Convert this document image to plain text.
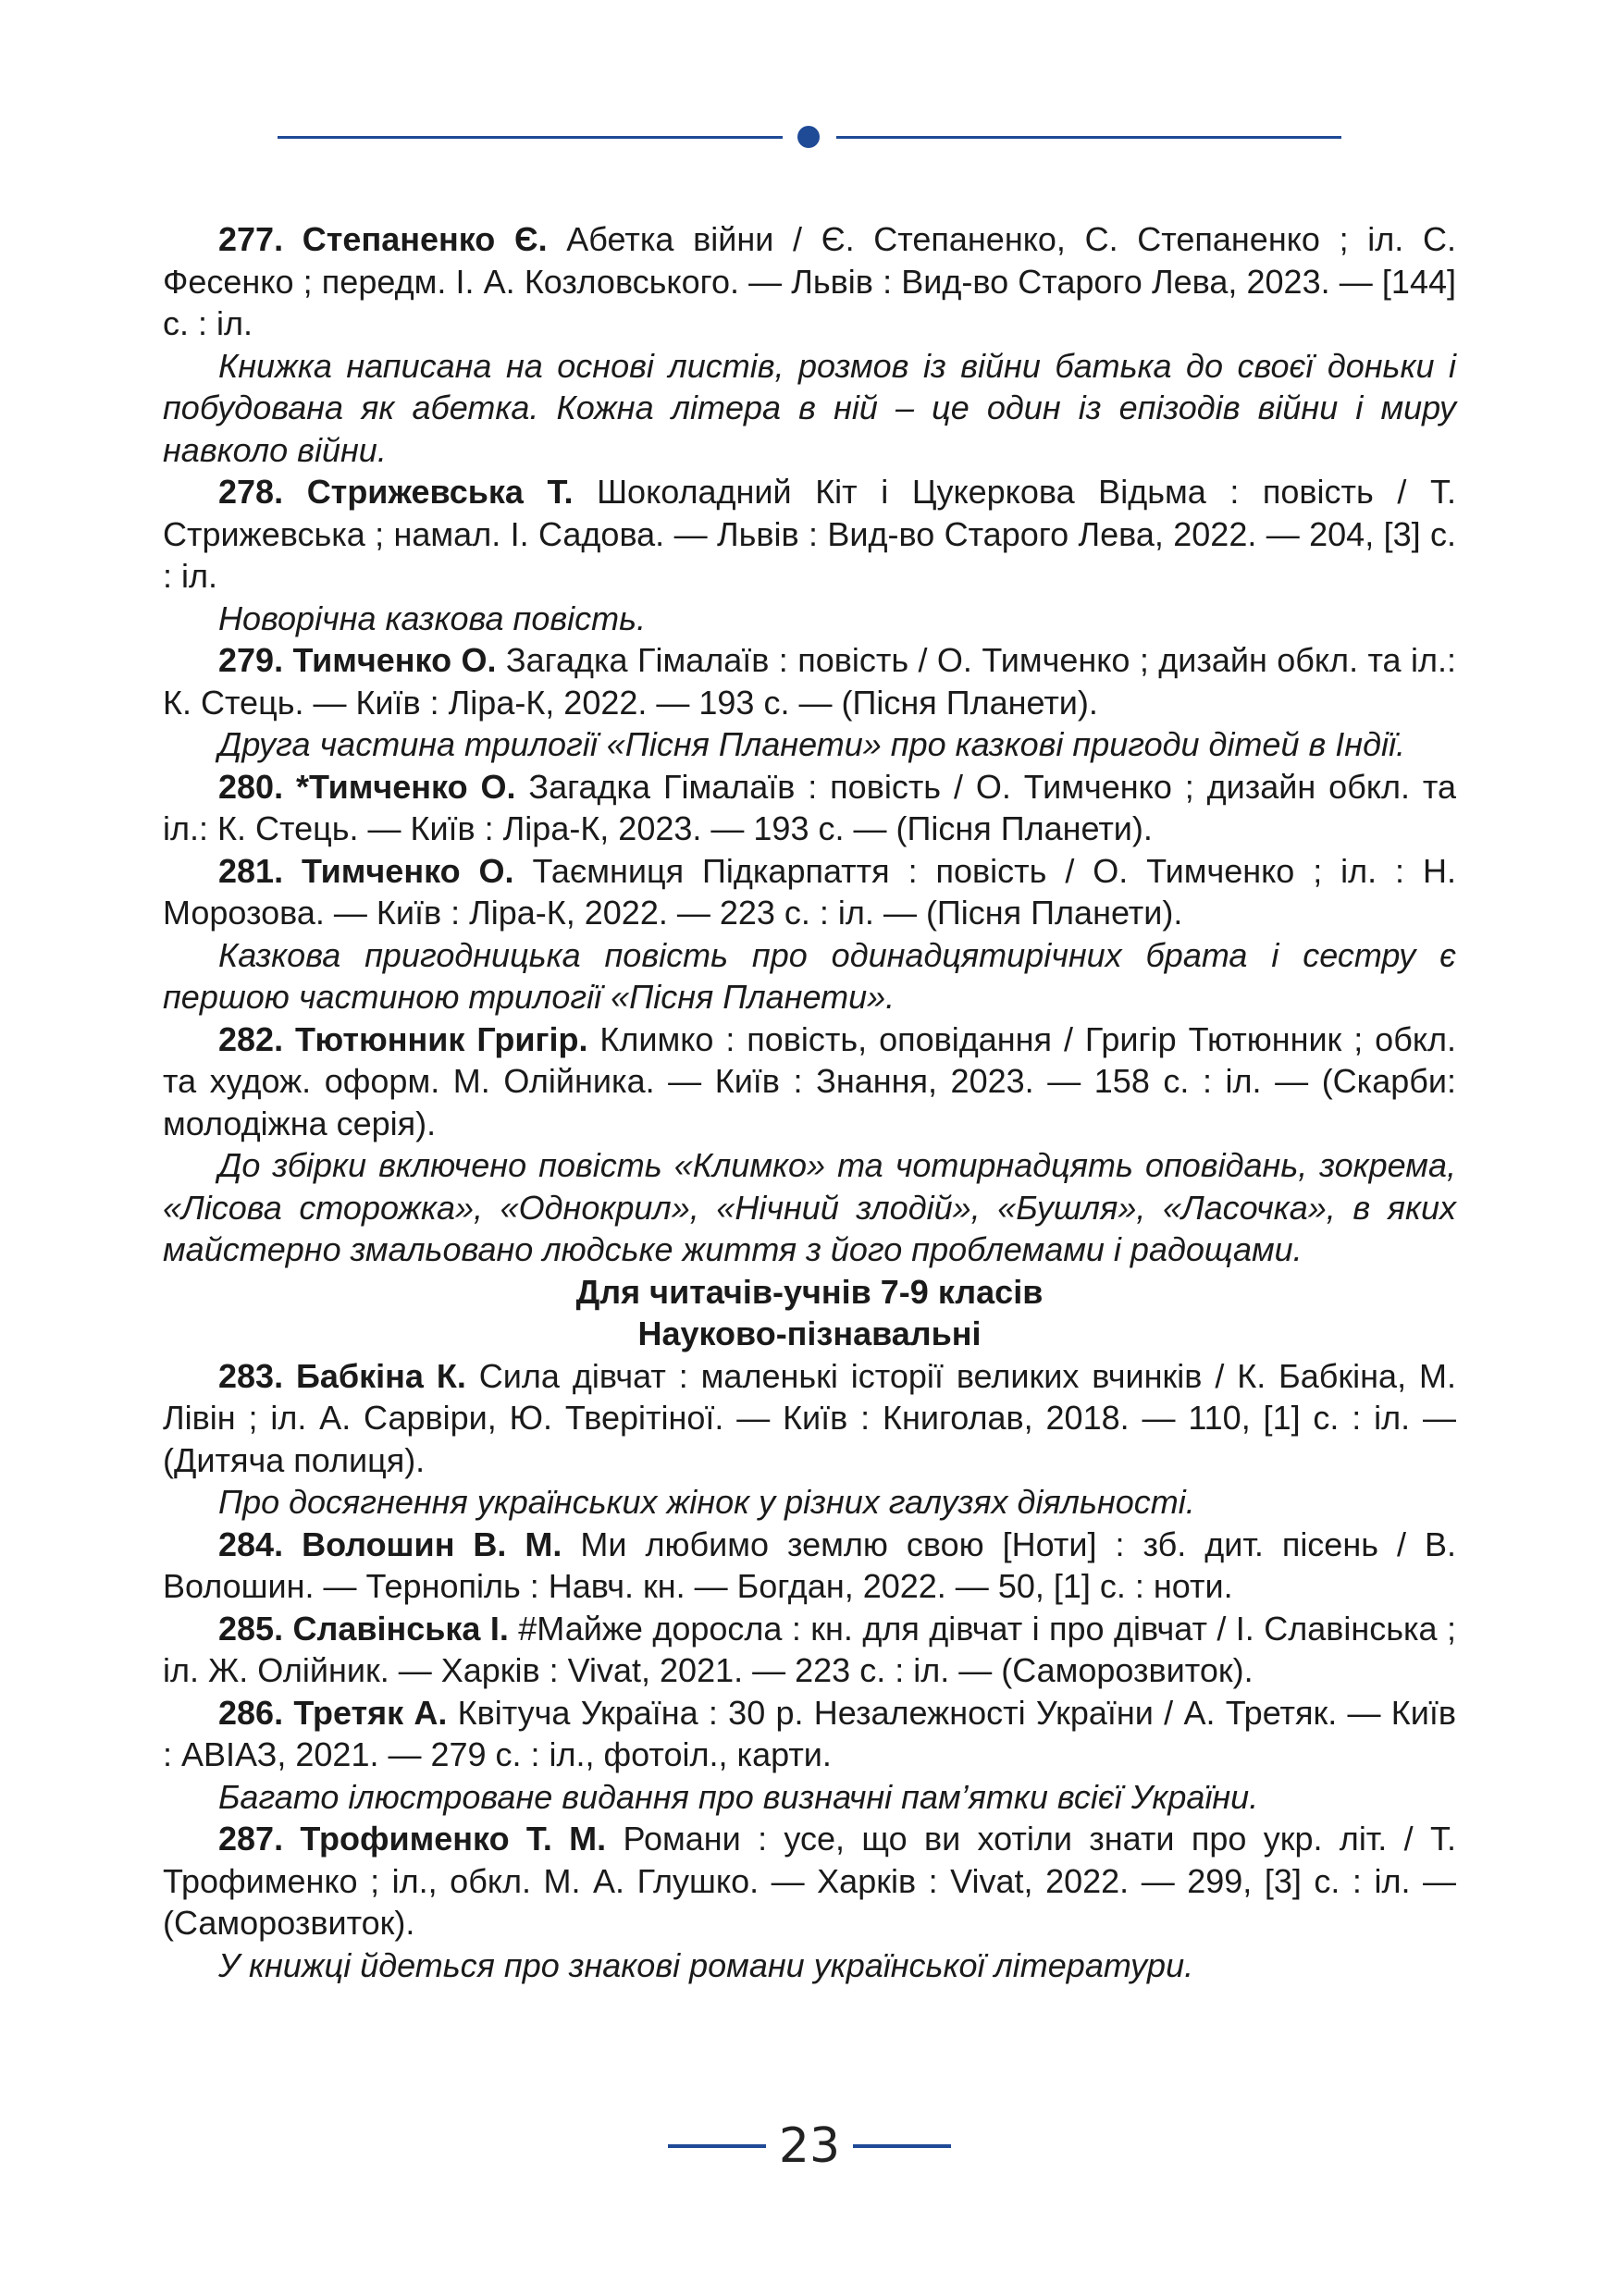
277. Степаненко Є. Абетка війни / Є. Степаненко, С. Степаненко ; іл. С. Фесенко ; передм. І. А. Козловського. — Львів : Вид-во Старого Лева, 2023. — [144] с. : іл.

Книжка написана на основі листів, розмов із війни батька до своєї доньки і побудована як абетка. Кожна літера в ній – це один із епізодів війни і миру навколо війни.

278. Стрижевська Т. Шоколадний Кіт і Цукеркова Відьма : повість / Т. Стрижевська ; намал. І. Садова. — Львів : Вид-во Старого Лева, 2022. — 204, [3] с. : іл.

Новорічна казкова повість.

279. Тимченко О. Загадка Гімалаїв : повість / О. Тимченко ; дизайн обкл. та іл.: К. Стець. — Київ : Ліра-К, 2022. — 193 с. — (Пісня Планети).

Друга частина трилогії «Пісня Планети» про казкові пригоди дітей в Індії.

280. *Тимченко О. Загадка Гімалаїв : повість / О. Тимченко ; дизайн обкл. та іл.: К. Стець. — Київ : Ліра-К, 2023. — 193 с. — (Пісня Планети).

281. Тимченко О. Таємниця Підкарпаття : повість / О. Тимченко ; іл. : Н. Морозова. — Київ : Ліра-К, 2022. — 223 с. : іл. — (Пісня Планети).

Казкова пригодницька повість про одинадцятирічних брата і сестру є першою частиною трилогії «Пісня Планети».

282. Тютюнник Григір. Климко : повість, оповідання / Григір Тютюнник ; обкл. та худож. оформ. М. Олійника. — Київ : Знання, 2023. — 158 с. : іл. — (Скарби: молодіжна серія).

До збірки включено повість «Климко» та чотирнадцять оповідань, зокрема, «Лісова сторожка», «Однокрил», «Нічний злодій», «Бушля», «Ласочка», в яких майстерно змальовано людське життя з його проблемами і радощами.

Для читачів-учнів 7-9 класів

Науково-пізнавальні

283. Бабкіна К. Сила дівчат : маленькі історії великих вчинків / К. Бабкіна, М. Лівін ; іл. А. Сарвіри, Ю. Тверітіної. — Київ : Книголав, 2018. — 110, [1] с. : іл. — (Дитяча полиця).

Про досягнення українських жінок у різних галузях діяльності.

284. Волошин В. М. Ми любимо землю свою [Ноти] : зб. дит. пісень / В. Волошин. — Тернопіль : Навч. кн. — Богдан, 2022. — 50, [1] с. : ноти.

285. Славінська І. #Майже доросла : кн. для дівчат і про дівчат / І. Славінська ; іл. Ж. Олійник. — Харків : Vivat, 2021. — 223 с. : іл. — (Саморозвиток).

286. Третяк А. Квітуча Україна : 30 р. Незалежності України / А. Третяк. — Київ : АВІАЗ, 2021. — 279 с. : іл., фотоіл., карти.

Багато ілюстроване видання про визначні пам’ятки всієї України.

287. Трофименко Т. М. Романи : усе, що ви хотіли знати про укр. літ. / Т. Трофименко ; іл., обкл. М. А. Глушко. — Харків : Vivat, 2022. — 299, [3] с. : іл. — (Саморозвиток).

У книжці йдеться про знакові романи української літератури.

23
